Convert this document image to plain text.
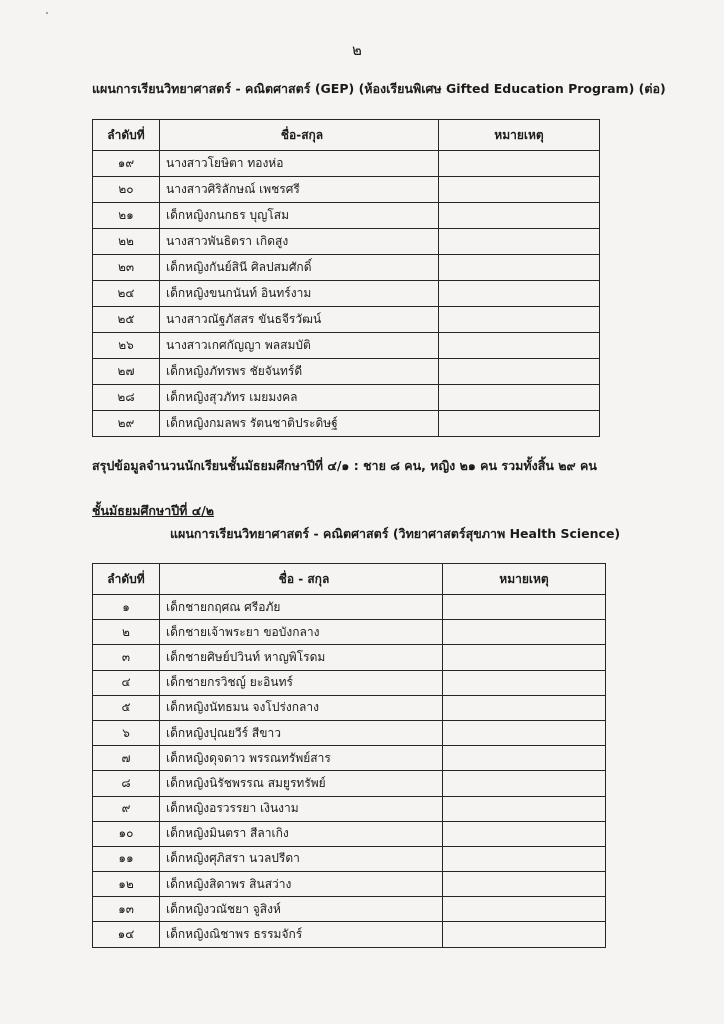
๒
แผนการเรียนวิทยาศาสตร์ - คณิตศาสตร์ (GEP) (ห้องเรียนพิเศษ Gifted Education Program) (ต่อ)
ลำดับที่	ชื่อ-สกุล	หมายเหตุ
๑๙	นางสาวโยษิตา ทองห่อ	
๒๐	นางสาวศิริลักษณ์ เพชรศรี	
๒๑	เด็กหญิงกนกธร บุญโสม	
๒๒	นางสาวพันธิตรา เกิดสูง	
๒๓	เด็กหญิงกันย์สินี ศิลปสมศักดิ์	
๒๔	เด็กหญิงขนกนันท์ อินทร์งาม	
๒๕	นางสาวณัฐภัสสร ขันธจีรวัฒน์	
๒๖	นางสาวเกศกัญญา พลสมบัติ	
๒๗	เด็กหญิงภัทรพร ชัยจันทร์ดี	
๒๘	เด็กหญิงสุวภัทร เมยมงคล	
๒๙	เด็กหญิงกมลพร รัตนชาติประดิษฐ์	
สรุปข้อมูลจำนวนนักเรียนชั้นมัธยมศึกษาปีที่ ๔/๑ : ชาย ๘ คน, หญิง ๒๑ คน รวมทั้งสิ้น ๒๙ คน
ชั้นมัธยมศึกษาปีที่ ๔/๒
แผนการเรียนวิทยาศาสตร์ - คณิตศาสตร์ (วิทยาศาสตร์สุขภาพ Health Science)
ลำดับที่	ชื่อ - สกุล	หมายเหตุ
๑	เด็กชายกฤศณ ศรีอภัย	
๒	เด็กชายเจ้าพระยา ขอบังกลาง	
๓	เด็กชายศิษย์ปวินท์ หาญพิโรดม	
๔	เด็กชายกรวิชญ์ ยะอินทร์	
๕	เด็กหญิงนัทธมน จงโปร่งกลาง	
๖	เด็กหญิงปุณยวีร์ สีขาว	
๗	เด็กหญิงดุจดาว พรรณทรัพย์สาร	
๘	เด็กหญิงนิรัชพรรณ สมยูรทรัพย์	
๙	เด็กหญิงอรวรรยา เงินงาม	
๑๐	เด็กหญิงมินตรา สีลาเกิง	
๑๑	เด็กหญิงศุภิสรา นวลปรีดา	
๑๒	เด็กหญิงสิดาพร สินสว่าง	
๑๓	เด็กหญิงวณัชยา จูสิงห์	
๑๔	เด็กหญิงณิชาพร ธรรมจักร์	
